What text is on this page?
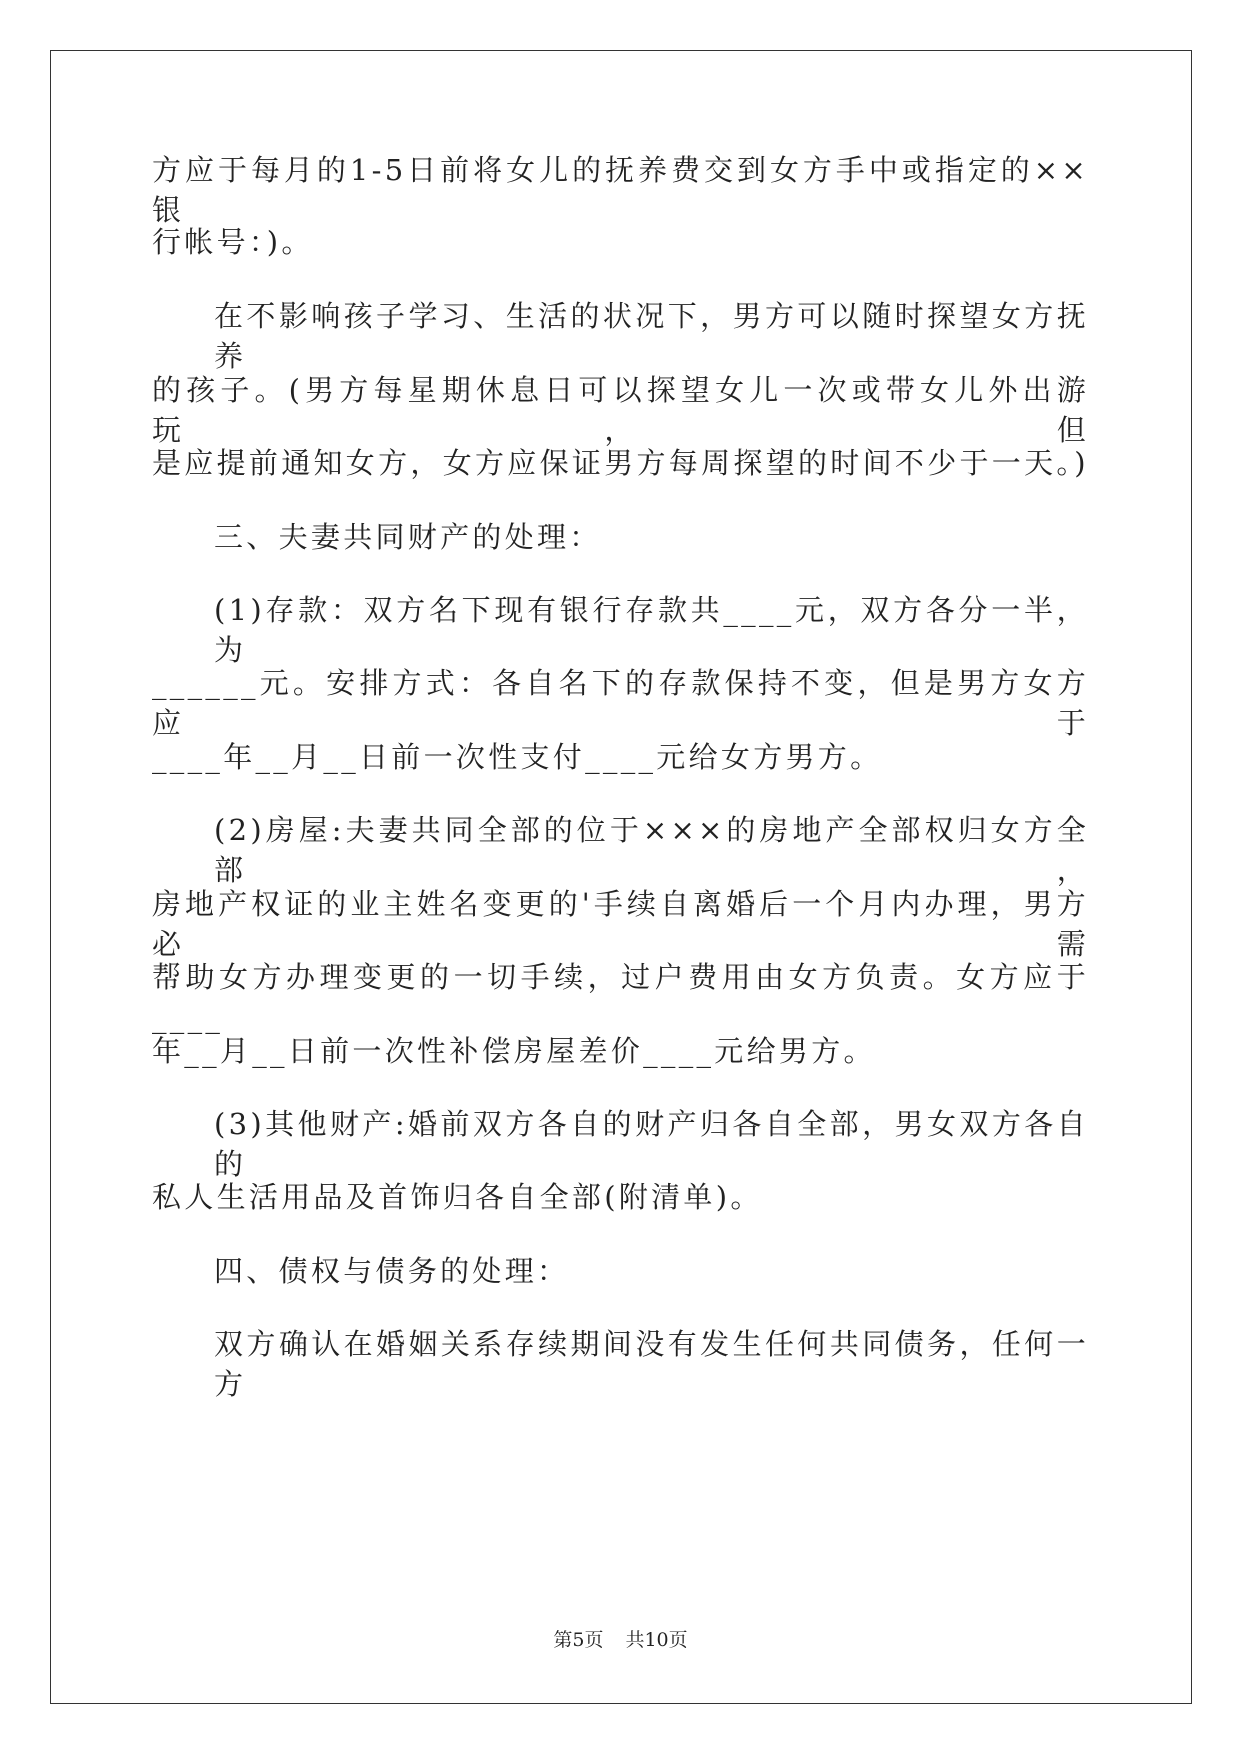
方应于每月的1-5日前将女儿的抚养费交到女方手中或指定的××银
行帐号：)。
在不影响孩子学习、生活的状况下，男方可以随时探望女方抚养
的孩子。(男方每星期休息日可以探望女儿一次或带女儿外出游玩，但
是应提前通知女方，女方应保证男方每周探望的时间不少于一天。)
三、夫妻共同财产的处理：
(1)存款：双方名下现有银行存款共____元，双方各分一半，为
______元。安排方式：各自名下的存款保持不变，但是男方女方应于
____年__月__日前一次性支付____元给女方男方。
(2)房屋:夫妻共同全部的位于×××的房地产全部权归女方全部，
房地产权证的业主姓名变更的'手续自离婚后一个月内办理，男方必需
帮助女方办理变更的一切手续，过户费用由女方负责。女方应于____
年__月__日前一次性补偿房屋差价____元给男方。
(3)其他财产:婚前双方各自的财产归各自全部，男女双方各自的
私人生活用品及首饰归各自全部(附清单)。
四、债权与债务的处理：
双方确认在婚姻关系存续期间没有发生任何共同债务，任何一方
第5页 共10页
